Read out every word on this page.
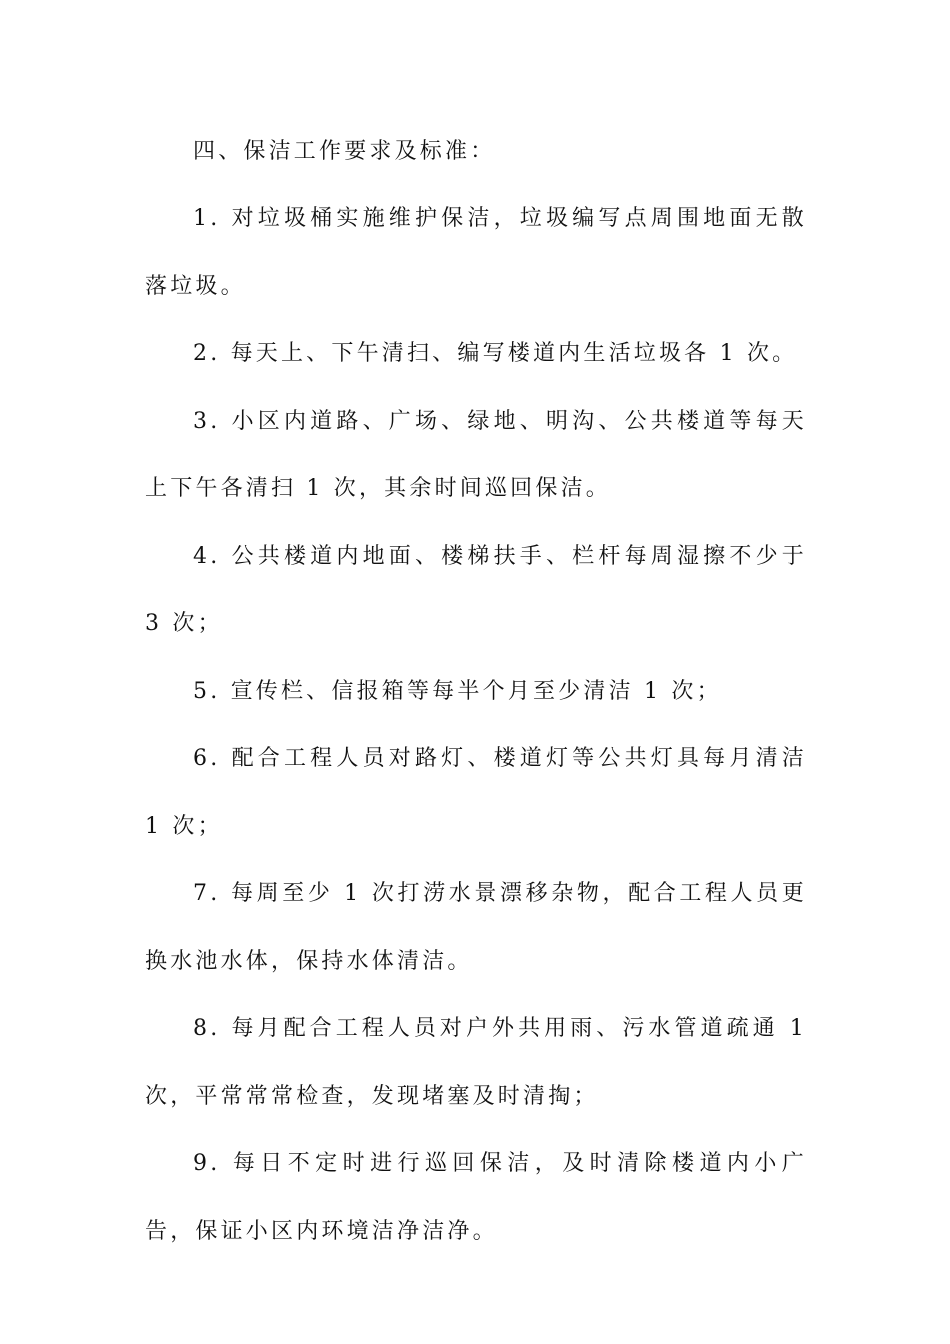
四、保洁工作要求及标准：

1. 对垃圾桶实施维护保洁，垃圾编写点周围地面无散落垃圾。

2. 每天上、下午清扫、编写楼道内生活垃圾各 1 次。

3. 小区内道路、广场、绿地、明沟、公共楼道等每天上下午各清扫 1 次，其余时间巡回保洁。

4. 公共楼道内地面、楼梯扶手、栏杆每周湿擦不少于 3 次；

5. 宣传栏、信报箱等每半个月至少清洁 1 次；

6. 配合工程人员对路灯、楼道灯等公共灯具每月清洁 1 次；

7. 每周至少 1 次打涝水景漂移杂物，配合工程人员更换水池水体，保持水体清洁。

8. 每月配合工程人员对户外共用雨、污水管道疏通 1 次，平常常常检查，发现堵塞及时清掏；

9. 每日不定时进行巡回保洁，及时清除楼道内小广告，保证小区内环境洁净洁净。
